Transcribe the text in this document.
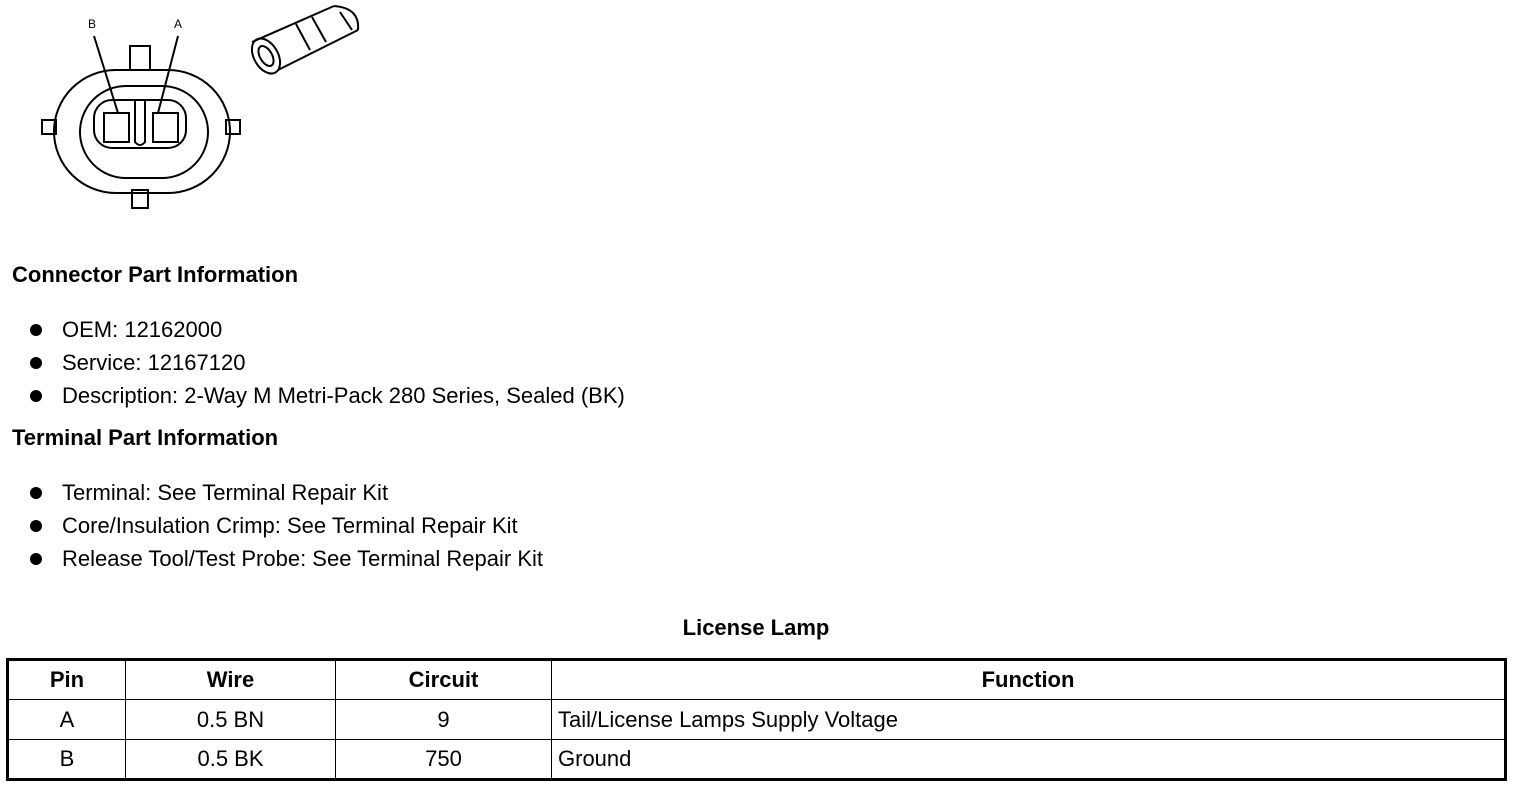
B	A
Connector Part Information
OEM: 12162000
Service: 12167120
Description: 2-Way M Metri-Pack 280 Series, Sealed (BK)
Terminal Part Information
Terminal: See Terminal Repair Kit
Core/Insulation Crimp: See Terminal Repair Kit
Release Tool/Test Probe: See Terminal Repair Kit
License Lamp
Pin	Wire	Circuit	Function
A	0.5 BN	9	Tail/License Lamps Supply Voltage
B	0.5 BK	750	Ground
